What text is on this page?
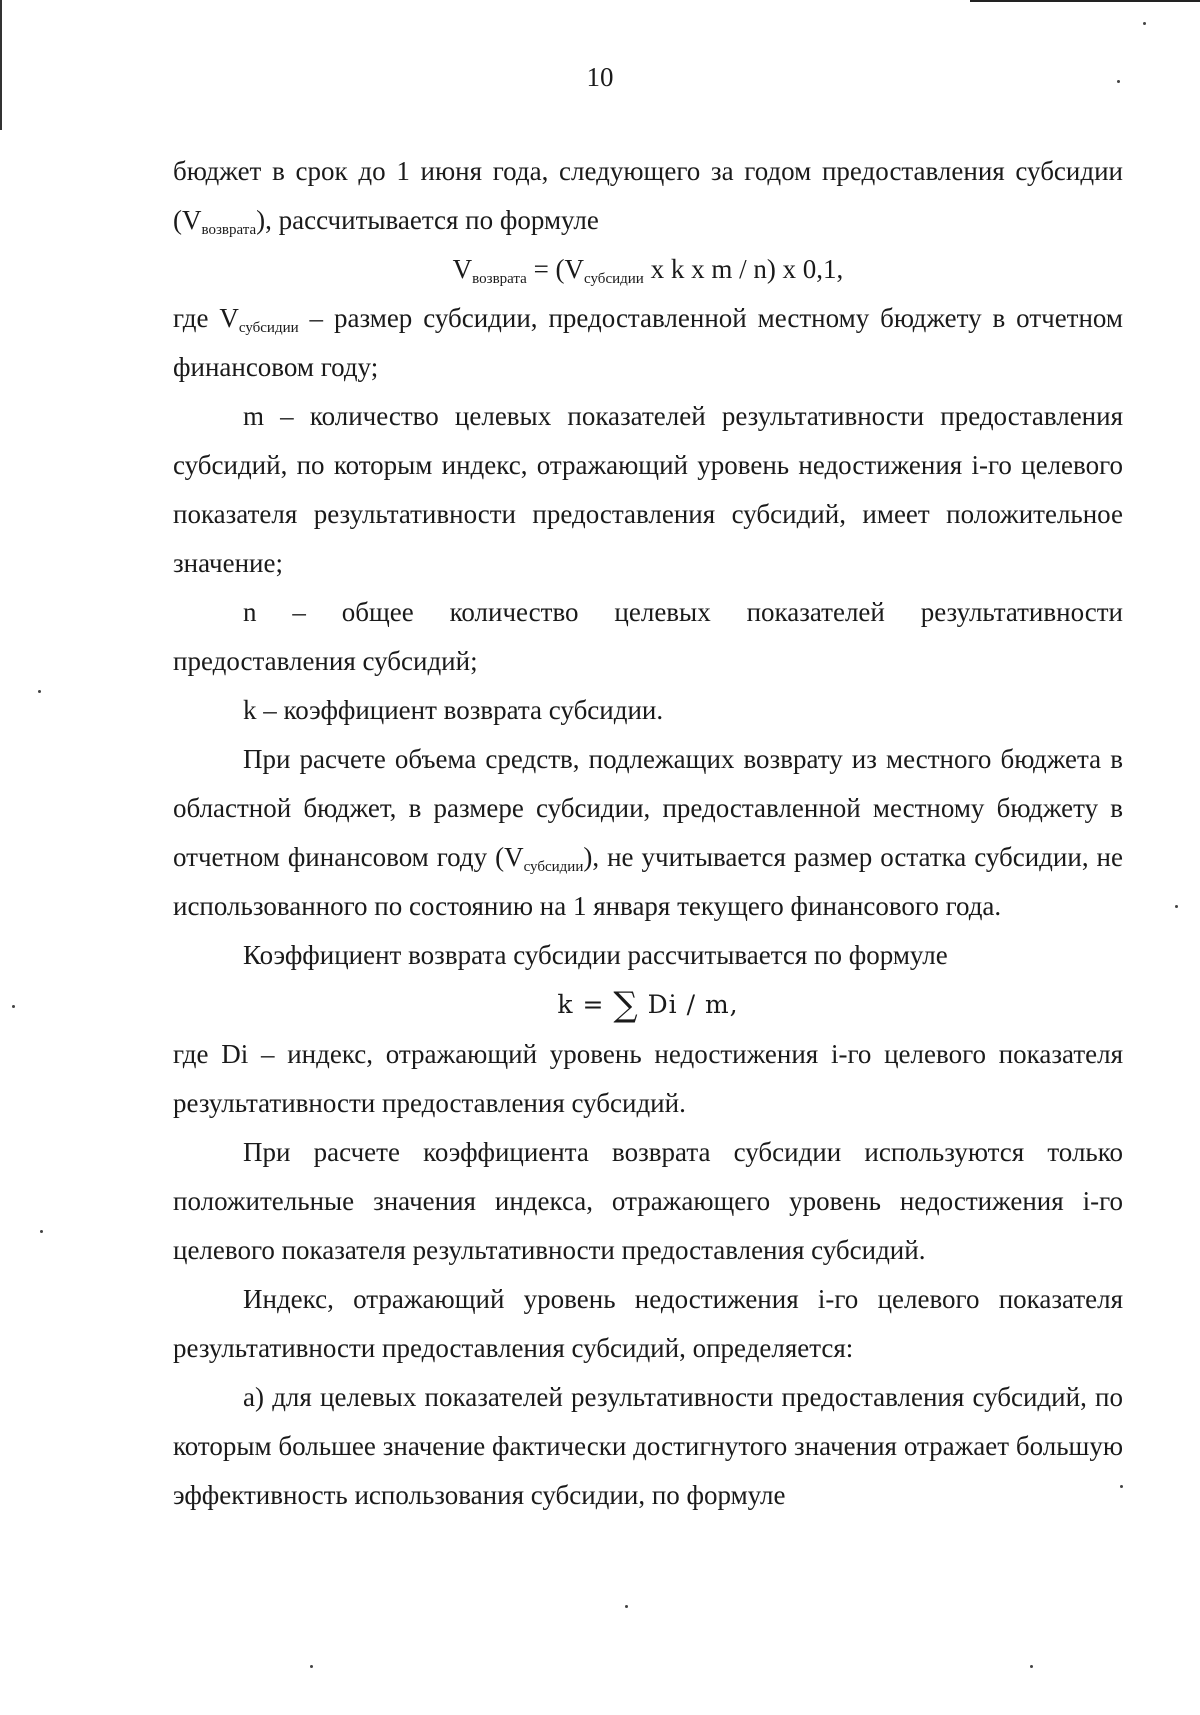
10

бюджет в срок до 1 июня года, следующего за годом предоставления субсидии $(V_{возврата})$, рассчитывается по формуле

$V_{возврата} = (V_{субсидии}$ x k x m / n) x 0,1,

где $V_{субсидии}$ – размер субсидии, предоставленной местному бюджету в отчетном финансовом году;

m – количество целевых показателей результативности предоставления субсидий, по которым индекс, отражающий уровень недостижения i-го целевого показателя результативности предоставления субсидий, имеет положительное значение;

n – общее количество целевых показателей результативности предоставления субсидий;

k – коэффициент возврата субсидии.

При расчете объема средств, подлежащих возврату из местного бюджета в областной бюджет, в размере субсидии, предоставленной местному бюджету в отчетном финансовом году $(V_{субсидии})$, не учитывается размер остатка субсидии, не использованного по состоянию на 1 января текущего финансового года.

Коэффициент возврата субсидии рассчитывается по формуле

k = ∑ Di / m,

где Di – индекс, отражающий уровень недостижения i-го целевого показателя результативности предоставления субсидий.

При расчете коэффициента возврата субсидии используются только положительные значения индекса, отражающего уровень недостижения i-го целевого показателя результативности предоставления субсидий.

Индекс, отражающий уровень недостижения i-го целевого показателя результативности предоставления субсидий, определяется:

а) для целевых показателей результативности предоставления субсидий, по которым большее значение фактически достигнутого значения отражает большую эффективность использования субсидии, по формуле
